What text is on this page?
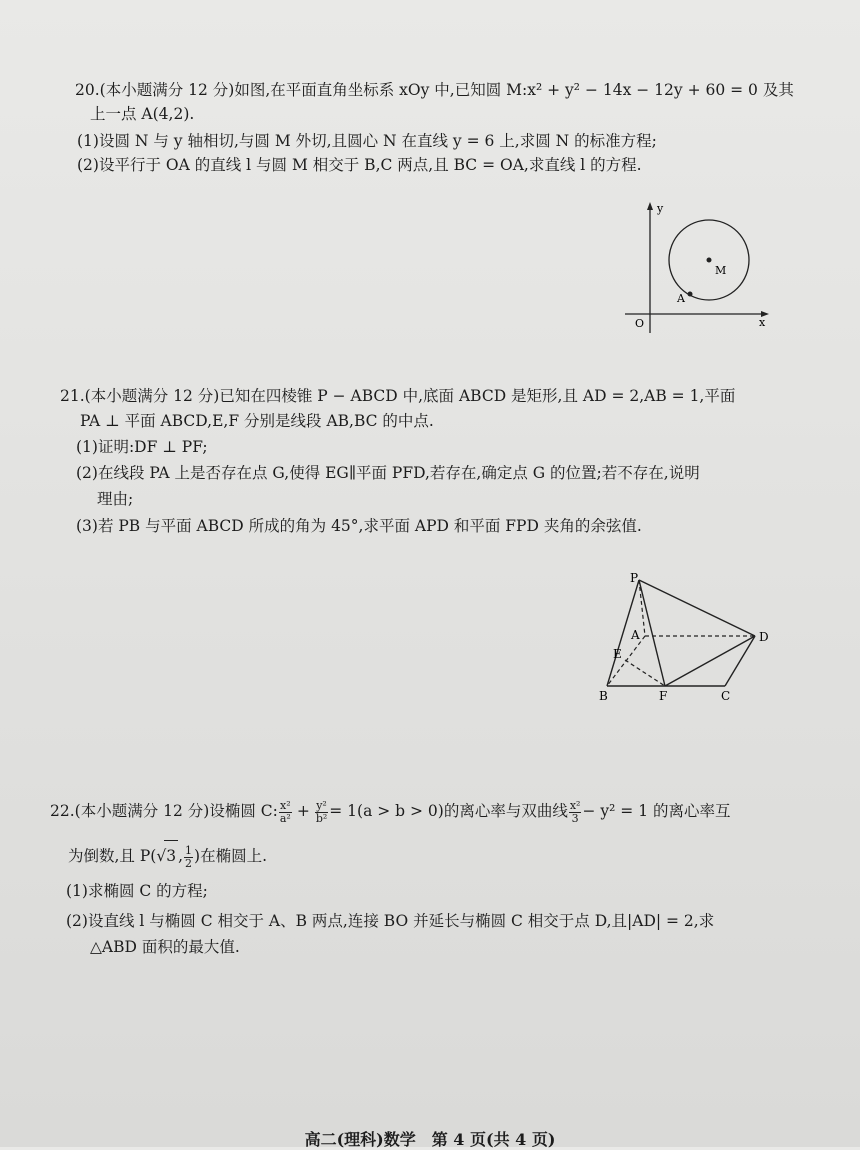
20.(本小题满分 12 分)如图,在平面直角坐标系 xOy 中,已知圆 M:x² + y² − 14x − 12y + 60 = 0 及其
上一点 A(4,2).
(1)设圆 N 与 y 轴相切,与圆 M 外切,且圆心 N 在直线 y = 6 上,求圆 N 的标准方程;
(2)设平行于 OA 的直线 l 与圆 M 相交于 B,C 两点,且 BC = OA,求直线 l 的方程.
y
x
O
A
M
21.(本小题满分 12 分)已知在四棱锥 P − ABCD 中,底面 ABCD 是矩形,且 AD = 2,AB = 1,平面
PA ⊥ 平面 ABCD,E,F 分别是线段 AB,BC 的中点.
(1)证明:DF ⊥ PF;
(2)在线段 PA 上是否存在点 G,使得 EG∥平面 PFD,若存在,确定点 G 的位置;若不存在,说明
理由;
(3)若 PB 与平面 ABCD 所成的角为 45°,求平面 APD 和平面 FPD 夹角的余弦值.
P
A	D
E
B	F	C
22.(本小题满分 12 分)设椭圆 C: $\frac{\text{x²}}{\text{a²}} + \frac{\text{y²}}{\text{b²}} = 1(a > b > 0)$的离心率与双曲线 $\frac{\text{x²}}{3} - y^2 = 1$ 的离心率互
为倒数,且 P(√3 , $\frac{1}{2}$ )在椭圆上.
(1)求椭圆 C 的方程;
(2)设直线 l 与椭圆 C 相交于 A、B 两点,连接 BO 并延长与椭圆 C 相交于点 D,且|AD| = 2,求
△ABD 面积的最大值.
高二(理科)数学　第 4 页(共 4 页)
